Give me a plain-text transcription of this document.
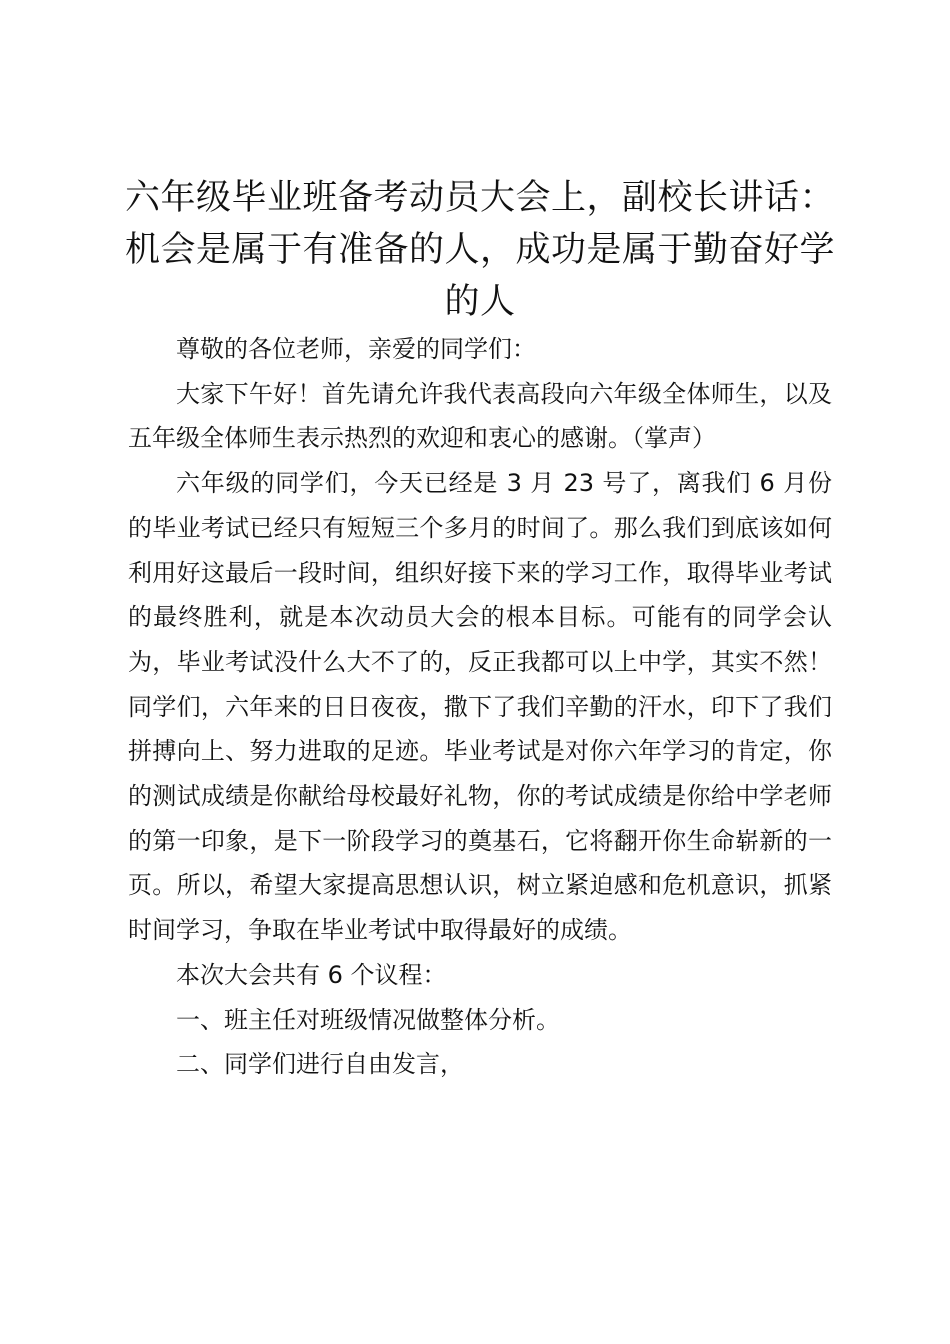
六年级毕业班备考动员大会上，副校长讲话：
机会是属于有准备的人，成功是属于勤奋好学
的人

尊敬的各位老师，亲爱的同学们：

大家下午好！首先请允许我代表高段向六年级全体师生，以及五年级全体师生表示热烈的欢迎和衷心的感谢。（掌声）

六年级的同学们，今天已经是 3 月 23 号了，离我们 6 月份的毕业考试已经只有短短三个多月的时间了。那么我们到底该如何利用好这最后一段时间，组织好接下来的学习工作，取得毕业考试的最终胜利，就是本次动员大会的根本目标。可能有的同学会认为，毕业考试没什么大不了的，反正我都可以上中学，其实不然！同学们，六年来的日日夜夜，撒下了我们辛勤的汗水，印下了我们拼搏向上、努力进取的足迹。毕业考试是对你六年学习的肯定，你的测试成绩是你献给母校最好礼物，你的考试成绩是你给中学老师的第一印象，是下一阶段学习的奠基石，它将翻开你生命崭新的一页。所以，希望大家提高思想认识，树立紧迫感和危机意识，抓紧时间学习，争取在毕业考试中取得最好的成绩。

本次大会共有 6 个议程：

一、班主任对班级情况做整体分析。

二、同学们进行自由发言，
